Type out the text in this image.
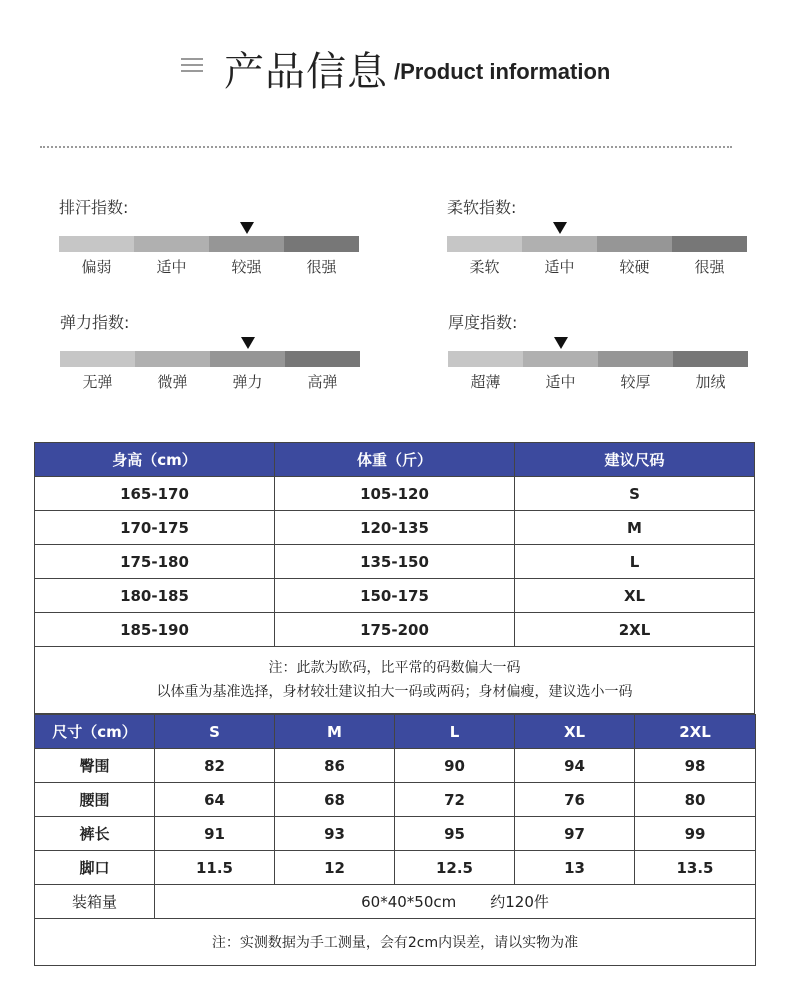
产品信息 /Product information
排汗指数:
偏弱	适中	较强	很强
柔软指数:
柔软	适中	较硬	很强
弹力指数:
无弹	微弹	弹力	高弹
厚度指数:
超薄	适中	较厚	加绒
身高（cm）	体重（斤）	建议尺码
165-170	105-120	S
170-175	120-135	M
175-180	135-150	L
180-185	150-175	XL
185-190	175-200	2XL

注：此款为欧码，比平常的码数偏大一码
以体重为基准选择，身材较壮建议拍大一码或两码；身材偏瘦，建议选小一码		
尺寸（cm）	S	M	L	XL	2XL
臀围	82	86	90	94	98
腰围	64	68	72	76	80
裤长	91	93	95	97	99
脚口	11.5	12	12.5	13	13.5
装箱量	60*40*50cm 约120件				
注：实测数据为手工测量，会有2cm内误差，请以实物为准					
